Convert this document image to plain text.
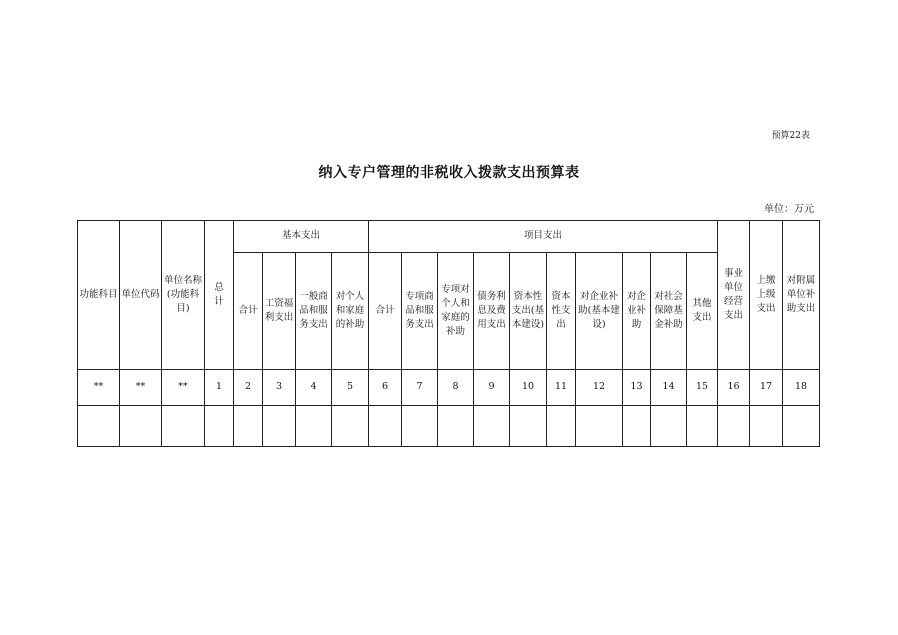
预算22表
纳入专户管理的非税收入拨款支出预算表
单位：万元
功能科目	单位代码	单位名称(功能科目)	总计	基本支出				项目支出										事业单位经营支出	上缴上级支出	对附属单位补助支出
				合计	工资福利支出	一般商品和服务支出	对个人和家庭的补助	合计	专项商品和服务支出	专项对个人和家庭的补助	债务利息及费用支出	资本性支出(基本建设)	资本性支出	对企业补助(基本建设)	对企业补助	对社会保障基金补助	其他支出			
**	**	**	1	2	3	4	5	6	7	8	9	10	11	12	13	14	15	16	17	18
